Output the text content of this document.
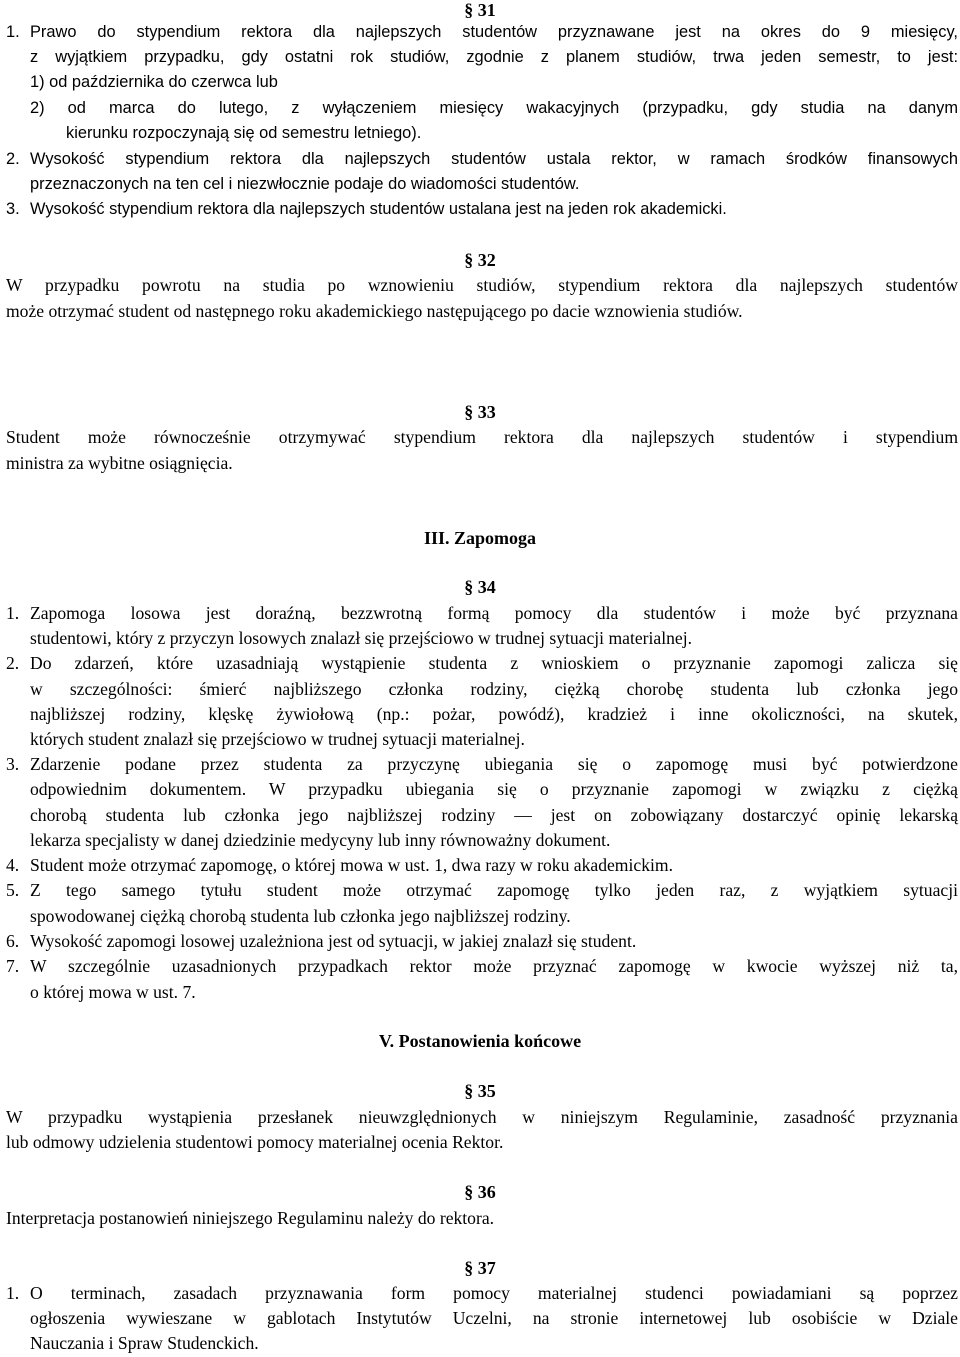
§ 31
1. Prawo do stypendium rektora dla najlepszych studentów przyznawane jest na okres do 9 miesięcy,
z wyjątkiem przypadku, gdy ostatni rok studiów, zgodnie z planem studiów, trwa jeden semestr, to jest:
1) od października do czerwca lub
2) od marca do lutego, z wyłączeniem miesięcy wakacyjnych (przypadku, gdy studia na danym
kierunku rozpoczynają się od semestru letniego).
2. Wysokość stypendium rektora dla najlepszych studentów ustala rektor, w ramach środków finansowych
przeznaczonych na ten cel i niezwłocznie podaje do wiadomości studentów.
3. Wysokość stypendium rektora dla najlepszych studentów ustalana jest na jeden rok akademicki.
§ 32
W przypadku powrotu na studia po wznowieniu studiów, stypendium rektora dla najlepszych studentów
może otrzymać student od następnego roku akademickiego następującego po dacie wznowienia studiów.
§ 33
Student może równocześnie otrzymywać stypendium rektora dla najlepszych studentów i stypendium
ministra za wybitne osiągnięcia.
III. Zapomoga
§ 34
1. Zapomoga losowa jest doraźną, bezzwrotną formą pomocy dla studentów i może być przyznana
studentowi, który z przyczyn losowych znalazł się przejściowo w trudnej sytuacji materialnej.
2. Do zdarzeń, które uzasadniają wystąpienie studenta z wnioskiem o przyznanie zapomogi zalicza się
w szczególności: śmierć najbliższego członka rodziny, ciężką chorobę studenta lub członka jego
najbliższej rodziny, klęskę żywiołową (np.: pożar, powódź), kradzież i inne okoliczności, na skutek,
których student znalazł się przejściowo w trudnej sytuacji materialnej.
3. Zdarzenie podane przez studenta za przyczynę ubiegania się o zapomogę musi być potwierdzone
odpowiednim dokumentem. W przypadku ubiegania się o przyznanie zapomogi w związku z ciężką
chorobą studenta lub członka jego najbliższej rodziny — jest on zobowiązany dostarczyć opinię lekarską
lekarza specjalisty w danej dziedzinie medycyny lub inny równoważny dokument.
4. Student może otrzymać zapomogę, o której mowa w ust. 1, dwa razy w roku akademickim.
5. Z tego samego tytułu student może otrzymać zapomogę tylko jeden raz, z wyjątkiem sytuacji
spowodowanej ciężką chorobą studenta lub członka jego najbliższej rodziny.
6. Wysokość zapomogi losowej uzależniona jest od sytuacji, w jakiej znalazł się student.
7. W szczególnie uzasadnionych przypadkach rektor może przyznać zapomogę w kwocie wyższej niż ta,
o której mowa w ust. 7.
V. Postanowienia końcowe
§ 35
W przypadku wystąpienia przesłanek nieuwzględnionych w niniejszym Regulaminie, zasadność przyznania
lub odmowy udzielenia studentowi pomocy materialnej ocenia Rektor.
§ 36
Interpretacja postanowień niniejszego Regulaminu należy do rektora.
§ 37
1. O terminach, zasadach przyznawania form pomocy materialnej studenci powiadamiani są poprzez
ogłoszenia wywieszane w gablotach Instytutów Uczelni, na stronie internetowej lub osobiście w Dziale
Nauczania i Spraw Studenckich.
